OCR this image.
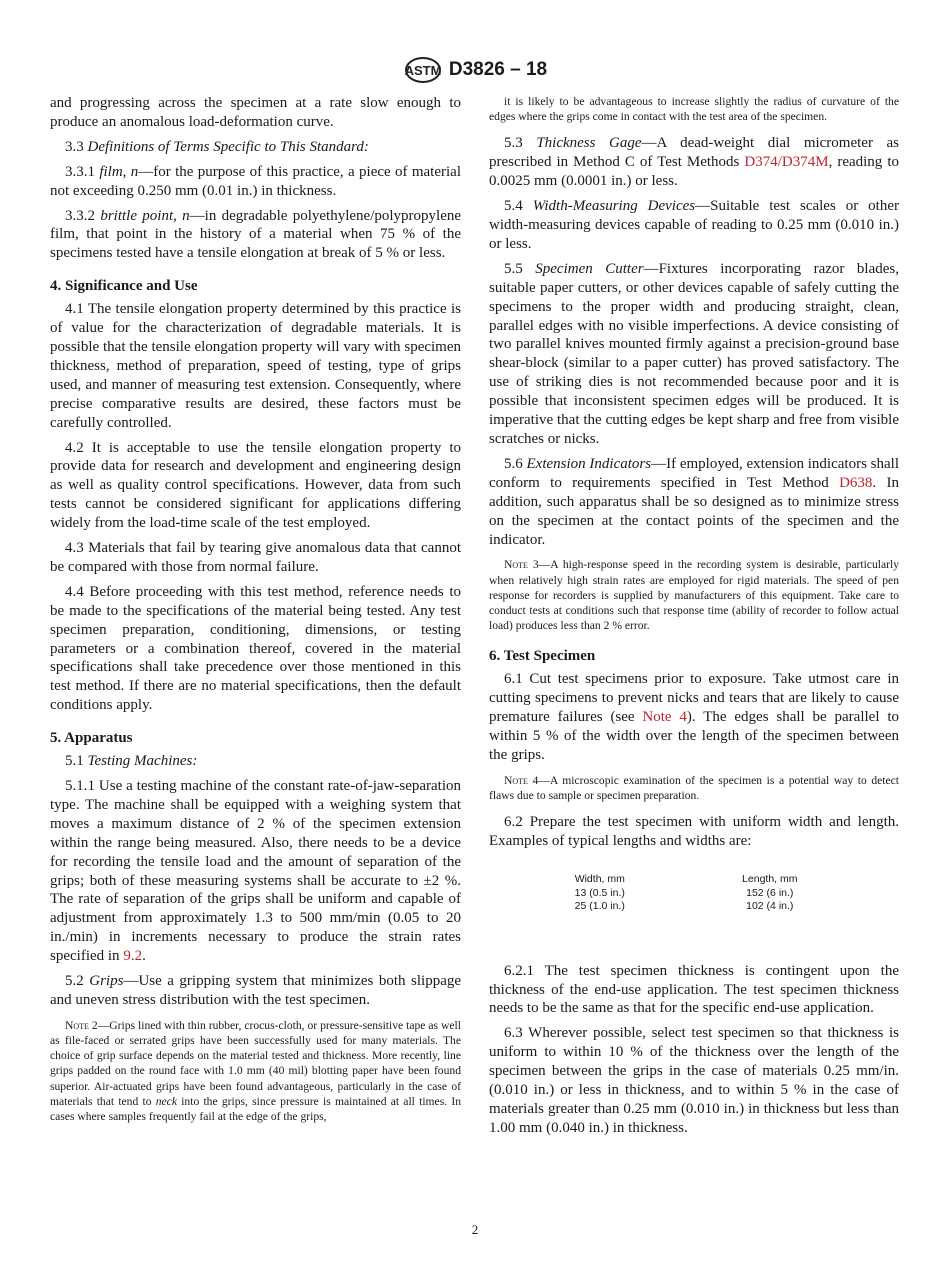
ASTM D3826 – 18

and progressing across the specimen at a rate slow enough to produce an anomalous load-deformation curve.

3.3 Definitions of Terms Specific to This Standard:

3.3.1 film, n—for the purpose of this practice, a piece of material not exceeding 0.250 mm (0.01 in.) in thickness.

3.3.2 brittle point, n—in degradable polyethylene/polypropylene film, that point in the history of a material when 75 % of the specimens tested have a tensile elongation at break of 5 % or less.

4. Significance and Use

4.1 The tensile elongation property determined by this practice is of value for the characterization of degradable materials. It is possible that the tensile elongation property will vary with specimen thickness, method of preparation, speed of testing, type of grips used, and manner of measuring test extension. Consequently, where precise comparative results are desired, these factors must be carefully controlled.

4.2 It is acceptable to use the tensile elongation property to provide data for research and development and engineering design as well as quality control specifications. However, data from such tests cannot be considered significant for applications differing widely from the load-time scale of the test employed.

4.3 Materials that fail by tearing give anomalous data that cannot be compared with those from normal failure.

4.4 Before proceeding with this test method, reference needs to be made to the specifications of the material being tested. Any test specimen preparation, conditioning, dimensions, or testing parameters or a combination thereof, covered in the material specifications shall take precedence over those mentioned in this test method. If there are no material specifications, then the default conditions apply.

5. Apparatus

5.1 Testing Machines:

5.1.1 Use a testing machine of the constant rate-of-jaw-separation type. The machine shall be equipped with a weighing system that moves a maximum distance of 2 % of the specimen extension within the range being measured. Also, there needs to be a device for recording the tensile load and the amount of separation of the grips; both of these measuring systems shall be accurate to ±2 %. The rate of separation of the grips shall be uniform and capable of adjustment from approximately 1.3 to 500 mm/min (0.05 to 20 in./min) in increments necessary to produce the strain rates specified in 9.2.

5.2 Grips—Use a gripping system that minimizes both slippage and uneven stress distribution with the test specimen.

Note 2—Grips lined with thin rubber, crocus-cloth, or pressure-sensitive tape as well as file-faced or serrated grips have been successfully used for many materials. The choice of grip surface depends on the material tested and thickness. More recently, line grips padded on the round face with 1.0 mm (40 mil) blotting paper have been found superior. Air-actuated grips have been found advantageous, particularly in the case of materials that tend to neck into the grips, since pressure is maintained at all times. In cases where samples frequently fail at the edge of the grips,

it is likely to be advantageous to increase slightly the radius of curvature of the edges where the grips come in contact with the test area of the specimen.

5.3 Thickness Gage—A dead-weight dial micrometer as prescribed in Method C of Test Methods D374/D374M, reading to 0.0025 mm (0.0001 in.) or less.

5.4 Width-Measuring Devices—Suitable test scales or other width-measuring devices capable of reading to 0.25 mm (0.010 in.) or less.

5.5 Specimen Cutter—Fixtures incorporating razor blades, suitable paper cutters, or other devices capable of safely cutting the specimens to the proper width and producing straight, clean, parallel edges with no visible imperfections. A device consisting of two parallel knives mounted firmly against a precision-ground base shear-block (similar to a paper cutter) has proved satisfactory. The use of striking dies is not recommended because poor and it is possible that inconsistent specimen edges will be produced. It is imperative that the cutting edges be kept sharp and free from visible scratches or nicks.

5.6 Extension Indicators—If employed, extension indicators shall conform to requirements specified in Test Method D638. In addition, such apparatus shall be so designed as to minimize stress on the specimen at the contact points of the specimen and the indicator.

Note 3—A high-response speed in the recording system is desirable, particularly when relatively high strain rates are employed for rigid materials. The speed of pen response for recorders is supplied by manufacturers of this equipment. Take care to conduct tests at conditions such that response time (ability of recorder to follow actual load) produces less than 2 % error.

6. Test Specimen

6.1 Cut test specimens prior to exposure. Take utmost care in cutting specimens to prevent nicks and tears that are likely to cause premature failures (see Note 4). The edges shall be parallel to within 5 % of the width over the length of the specimen between the grips.

Note 4—A microscopic examination of the specimen is a potential way to detect flaws due to sample or specimen preparation.

6.2 Prepare the test specimen with uniform width and length. Examples of typical lengths and widths are:

Width, mm	Length, mm
13 (0.5 in.)	152 (6 in.)
25 (1.0 in.)	102 (4 in.)

6.2.1 The test specimen thickness is contingent upon the thickness of the end-use application. The test specimen thickness needs to be the same as that for the specific end-use application.

6.3 Wherever possible, select test specimen so that thickness is uniform to within 10 % of the thickness over the length of the specimen between the grips in the case of materials 0.25 mm/in. (0.010 in.) or less in thickness, and to within 5 % in the case of materials greater than 0.25 mm (0.010 in.) in thickness but less than 1.00 mm (0.040 in.) in thickness.

2
